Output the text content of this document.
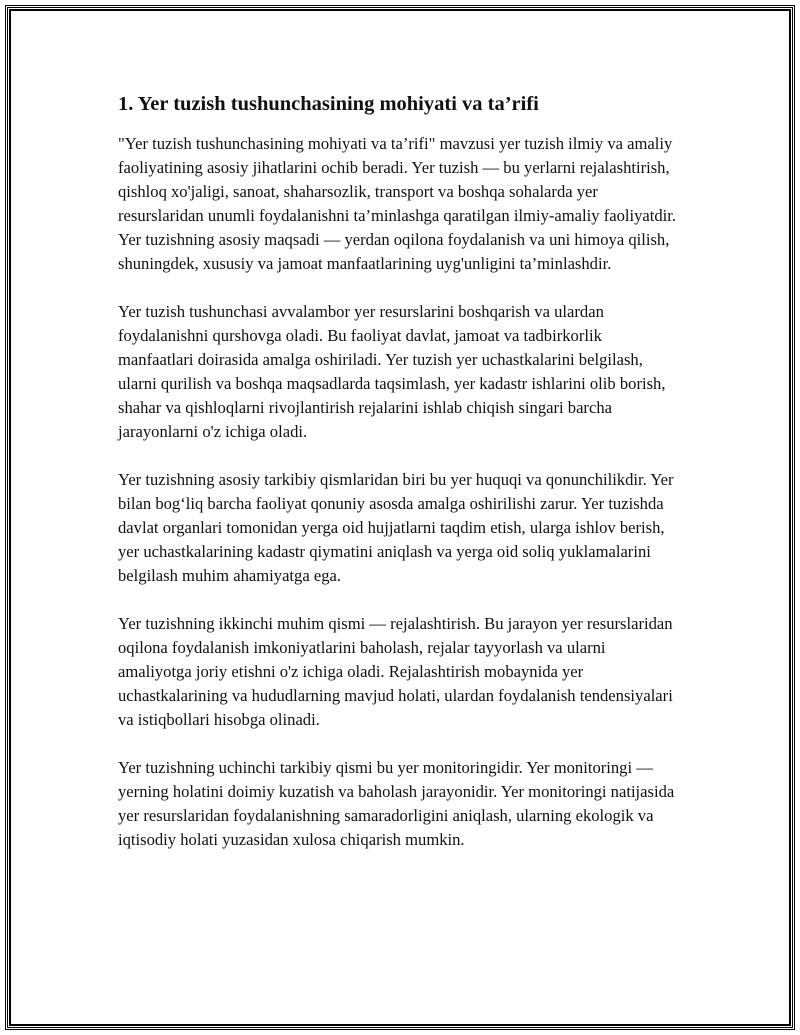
1. Yer tuzish tushunchasining mohiyati va ta’rifi

"Yer tuzish tushunchasining mohiyati va ta’rifi" mavzusi yer tuzish ilmiy va amaliy faoliyatining asosiy jihatlarini ochib beradi. Yer tuzish — bu yerlarni rejalashtirish, qishloq xo'jaligi, sanoat, shaharsozlik, transport va boshqa sohalarda yer resurslaridan unumli foydalanishni ta’minlashga qaratilgan ilmiy-amaliy faoliyatdir. Yer tuzishning asosiy maqsadi — yerdan oqilona foydalanish va uni himoya qilish, shuningdek, xususiy va jamoat manfaatlarining uyg'unligini ta’minlashdir.

Yer tuzish tushunchasi avvalambor yer resurslarini boshqarish va ulardan foydalanishni qurshovga oladi. Bu faoliyat davlat, jamoat va tadbirkorlik manfaatlari doirasida amalga oshiriladi. Yer tuzish yer uchastkalarini belgilash, ularni qurilish va boshqa maqsadlarda taqsimlash, yer kadastr ishlarini olib borish, shahar va qishloqlarni rivojlantirish rejalarini ishlab chiqish singari barcha jarayonlarni o'z ichiga oladi.

Yer tuzishning asosiy tarkibiy qismlaridan biri bu yer huquqi va qonunchilikdir. Yer bilan bog‘liq barcha faoliyat qonuniy asosda amalga oshirilishi zarur. Yer tuzishda davlat organlari tomonidan yerga oid hujjatlarni taqdim etish, ularga ishlov berish, yer uchastkalarining kadastr qiymatini aniqlash va yerga oid soliq yuklamalarini belgilash muhim ahamiyatga ega.

Yer tuzishning ikkinchi muhim qismi — rejalashtirish. Bu jarayon yer resurslaridan oqilona foydalanish imkoniyatlarini baholash, rejalar tayyorlash va ularni amaliyotga joriy etishni o'z ichiga oladi. Rejalashtirish mobaynida yer uchastkalarining va hududlarning mavjud holati, ulardan foydalanish tendensiyalari va istiqbollari hisobga olinadi.

Yer tuzishning uchinchi tarkibiy qismi bu yer monitoringidir. Yer monitoringi — yerning holatini doimiy kuzatish va baholash jarayonidir. Yer monitoringi natijasida yer resurslaridan foydalanishning samaradorligini aniqlash, ularning ekologik va iqtisodiy holati yuzasidan xulosa chiqarish mumkin.
